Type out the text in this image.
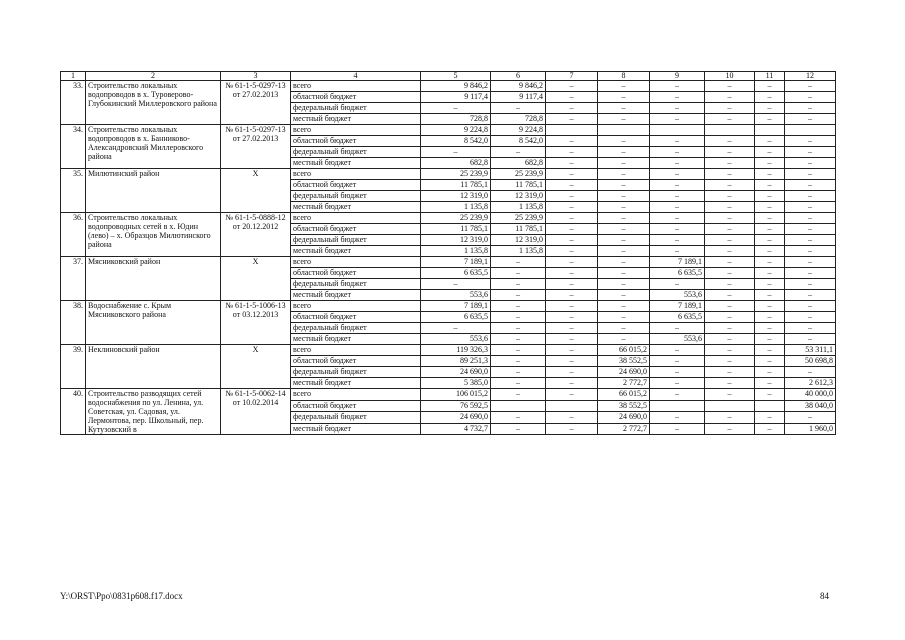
1	2	3	4	5	6	7	8	9	10	11	12
33.	Строительство локальных водопроводов в х. Туроверово-Глубокинский Миллеровского района	№ 61-1-5-0297-13 от 27.02.2013	всего	9 846,2	9 846,2	–	–	–	–	–	–
			областной бюджет	9 117,4	9 117,4	–	–	–	–	–	–
			федеральный бюджет	–	–	–	–	–	–	–	–
			местный бюджет	728,8	728,8	–	–	–	–	–	–
34.	Строительство локальных водопроводов в х. Банниково-Александровский Миллеровского района	№ 61-1-5-0297-13 от 27.02.2013	всего	9 224,8	9 224,8						
			областной бюджет	8 542,0	8 542,0	–	–	–	–	–	–
			федеральный бюджет	–	–	–	–	–	–	–	–
			местный бюджет	682,8	682,8	–	–	–	–	–	–
35.	Милютинский район	Х	всего	25 239,9	25 239,9	–	–	–	–	–	–
			областной бюджет	11 785,1	11 785,1	–	–	–	–	–	–
			федеральный бюджет	12 319,0	12 319,0	–	–	–	–	–	–
			местный бюджет	1 135,8	1 135,8	–	–	–	–	–	–
36.	Строительство локальных водопроводных сетей в х. Юдин (лево) – х. Образцов Милютинского района	№ 61-1-5-0888-12 от 20.12.2012	всего	25 239,9	25 239,9	–	–	–	–	–	–
			областной бюджет	11 785,1	11 785,1	–	–	–	–	–	–
			федеральный бюджет	12 319,0	12 319,0	–	–	–	–	–	–
			местный бюджет	1 135,8	1 135,8	–	–	–	–	–	–
37.	Мясниковский район	Х	всего	7 189,1	–	–	–	7 189,1	–	–	–
			областной бюджет	6 635,5	–	–	–	6 635,5	–	–	–
			федеральный бюджет	–	–	–	–	–	–	–	–
			местный бюджет	553,6	–	–	–	553,6	–	–	–
38.	Водоснабжение с. Крым Мясниковского района	№ 61-1-5-1006-13 от 03.12.2013	всего	7 189,1	–	–	–	7 189,1	–	–	–
			областной бюджет	6 635,5	–	–	–	6 635,5	–	–	–
			федеральный бюджет	–	–	–	–	–	–	–	–
			местный бюджет	553,6	–	–	–	553,6	–	–	–
39.	Неклиновский район	Х	всего	119 326,3	–	–	66 015,2	–	–	–	53 311,1
			областной бюджет	89 251,3	–	–	38 552,5	–	–	–	50 698,8
			федеральный бюджет	24 690,0	–	–	24 690,0	–	–	–	–
			местный бюджет	5 385,0	–	–	2 772,7	–	–	–	2 612,3
40.	Строительство разводящих сетей водоснабжения по ул. Ленина, ул. Советская, ул. Садовая, ул. Лермонтова, пер. Школьный, пер. Кутузовский в	№ 61-1-5-0062-14 от 10.02.2014	всего	106 015,2	–	–	66 015,2	–	–	–	40 000,0
			областной бюджет	76 592,5			38 552,5				38 040,0
			федеральный бюджет	24 690,0	–	–	24 690,0	–	–	–	–
			местный бюджет	4 732,7	–	–	2 772,7	–	–	–	1 960,0
Y:\ORST\Ppo\0831p608.f17.docx	84
